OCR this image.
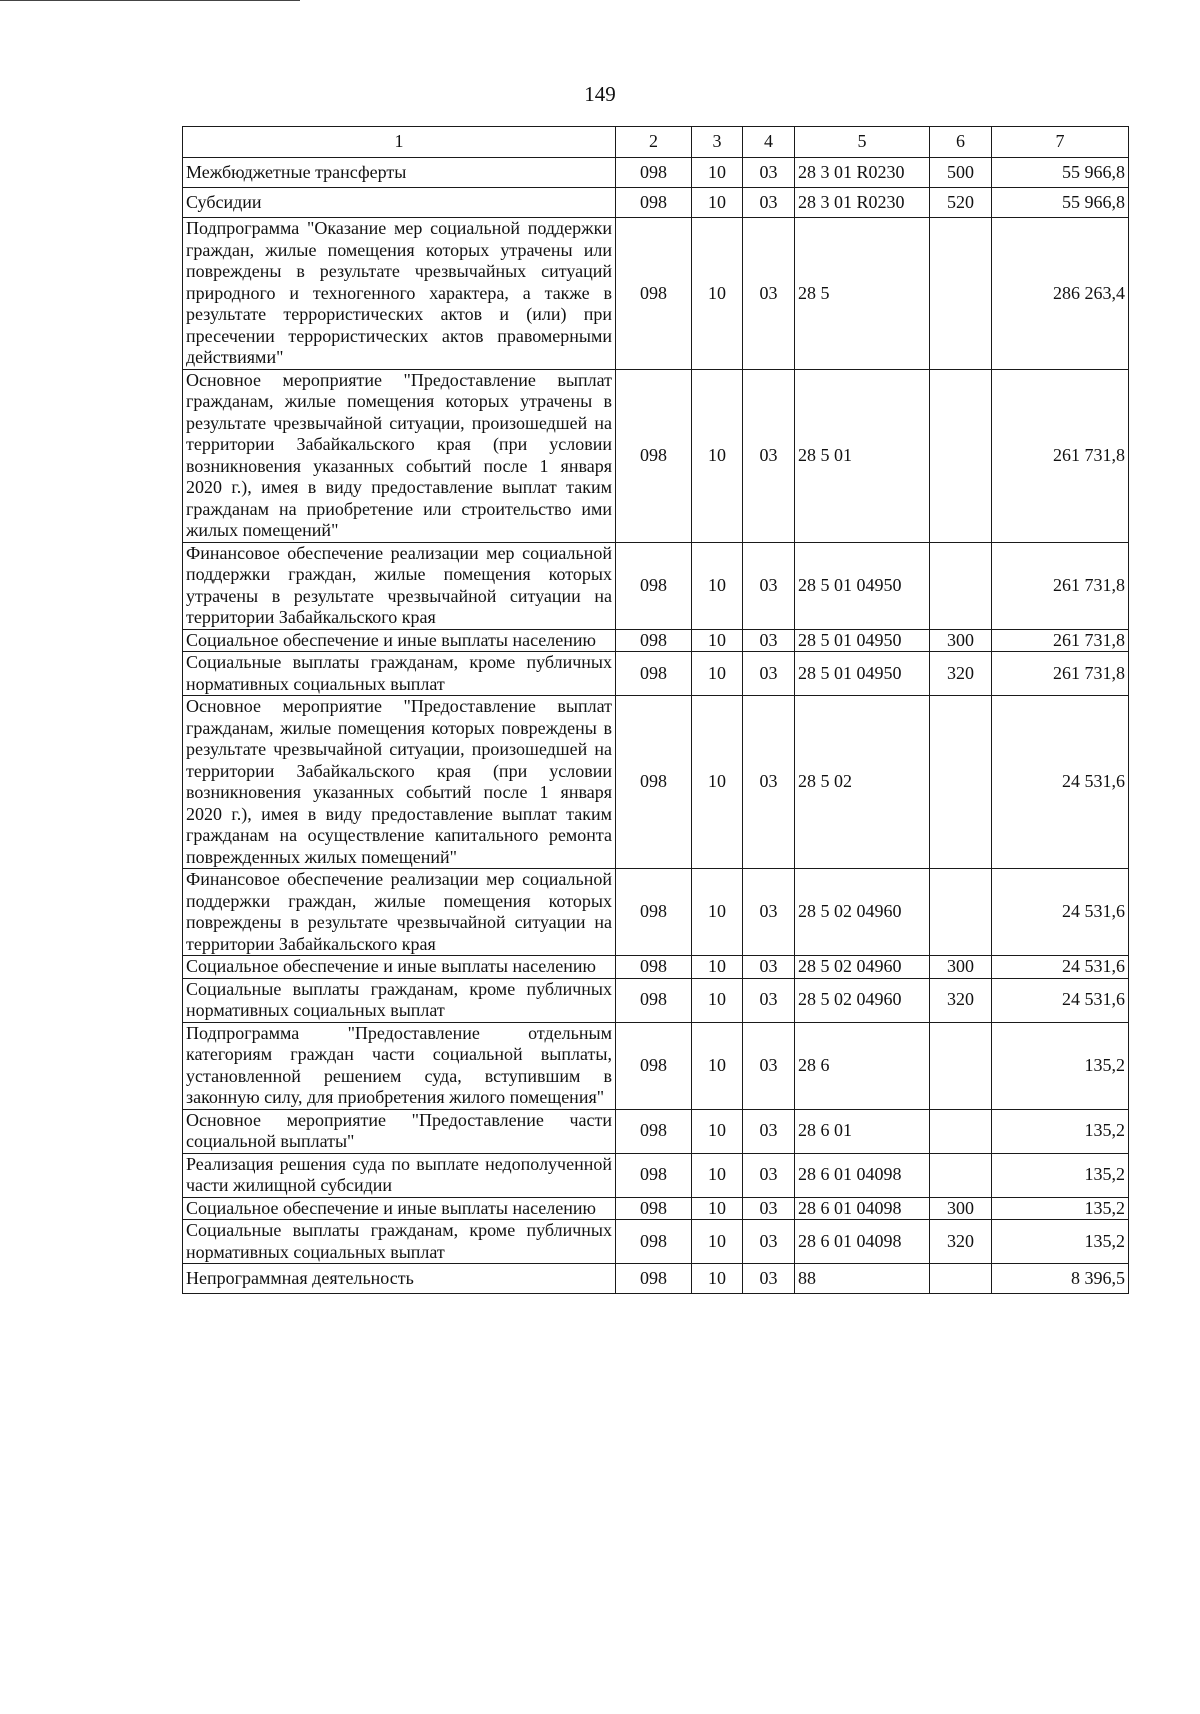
149
1	2	3	4	5	6	7
Межбюджетные трансферты	098	10	03	28 3 01 R0230	500	55 966,8
Субсидии	098	10	03	28 3 01 R0230	520	55 966,8
Подпрограмма "Оказание мер социальной поддержки граждан, жилые помещения которых утрачены или повреждены в результате чрезвычайных ситуаций природного и техногенного характера, а также в результате террористических актов и (или) при пресечении террористических актов правомерными действиями"	098	10	03	28 5		286 263,4
Основное мероприятие "Предоставление выплат гражданам, жилые помещения которых утрачены в результате чрезвычайной ситуации, произошедшей на территории Забайкальского края (при условии возникновения указанных событий после 1 января 2020 г.), имея в виду предоставление выплат таким гражданам на приобретение или строительство ими жилых помещений"	098	10	03	28 5 01		261 731,8
Финансовое обеспечение реализации мер социальной поддержки граждан, жилые помещения которых утрачены в результате чрезвычайной ситуации на территории Забайкальского края	098	10	03	28 5 01 04950		261 731,8
Социальное обеспечение и иные выплаты населению	098	10	03	28 5 01 04950	300	261 731,8
Социальные выплаты гражданам, кроме публичных нормативных социальных выплат	098	10	03	28 5 01 04950	320	261 731,8
Основное мероприятие "Предоставление выплат гражданам, жилые помещения которых повреждены в результате чрезвычайной ситуации, произошедшей на территории Забайкальского края (при условии возникновения указанных событий после 1 января 2020 г.), имея в виду предоставление выплат таким гражданам на осуществление капитального ремонта поврежденных жилых помещений"	098	10	03	28 5 02		24 531,6
Финансовое обеспечение реализации мер социальной поддержки граждан, жилые помещения которых повреждены в результате чрезвычайной ситуации на территории Забайкальского края	098	10	03	28 5 02 04960		24 531,6
Социальное обеспечение и иные выплаты населению	098	10	03	28 5 02 04960	300	24 531,6
Социальные выплаты гражданам, кроме публичных нормативных социальных выплат	098	10	03	28 5 02 04960	320	24 531,6
Подпрограмма "Предоставление отдельным категориям граждан части социальной выплаты, установленной решением суда, вступившим в законную силу, для приобретения жилого помещения"	098	10	03	28 6		135,2
Основное мероприятие "Предоставление части социальной выплаты"	098	10	03	28 6 01		135,2
Реализация решения суда по выплате недополученной части жилищной субсидии	098	10	03	28 6 01 04098		135,2
Социальное обеспечение и иные выплаты населению	098	10	03	28 6 01 04098	300	135,2
Социальные выплаты гражданам, кроме публичных нормативных социальных выплат	098	10	03	28 6 01 04098	320	135,2
Непрограммная деятельность	098	10	03	88		8 396,5
